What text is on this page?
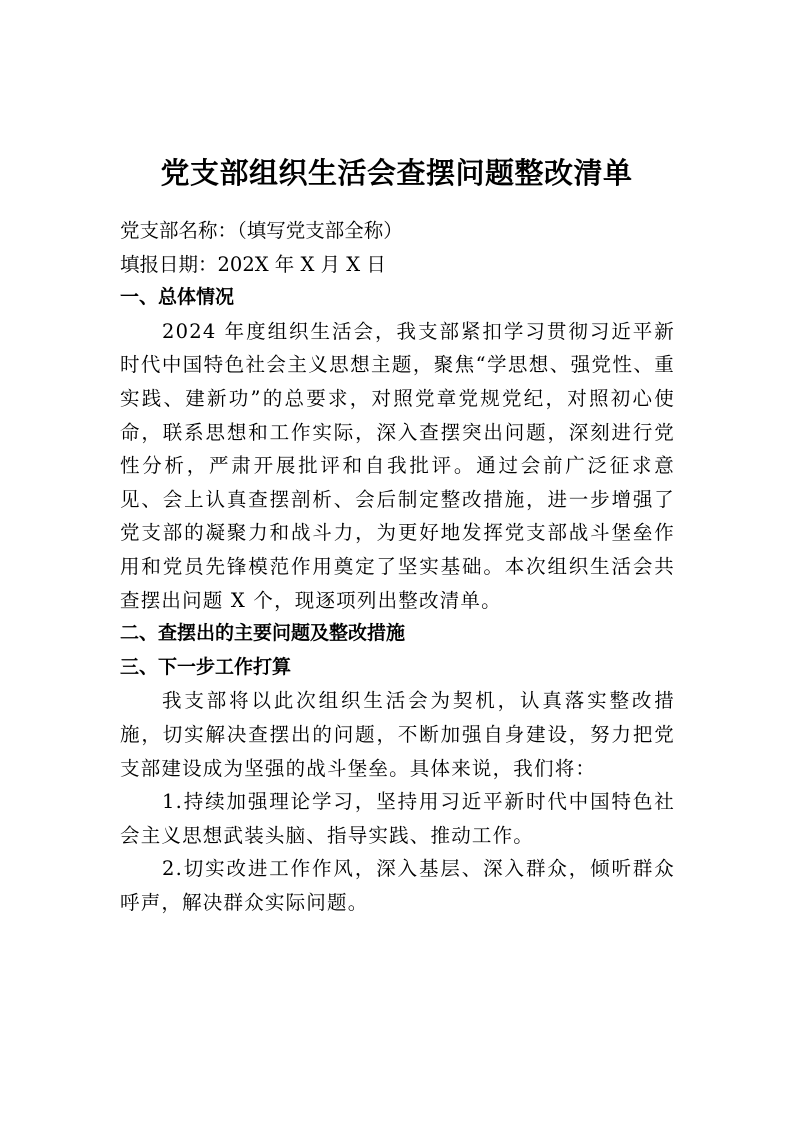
党支部组织生活会查摆问题整改清单

党支部名称：（填写党支部全称）

填报日期：202X 年 X 月 X 日

一、总体情况

2024 年度组织生活会，我支部紧扣学习贯彻习近平新时代中国特色社会主义思想主题，聚焦“学思想、强党性、重实践、建新功”的总要求，对照党章党规党纪，对照初心使命，联系思想和工作实际，深入查摆突出问题，深刻进行党性分析，严肃开展批评和自我批评。通过会前广泛征求意见、会上认真查摆剖析、会后制定整改措施，进一步增强了党支部的凝聚力和战斗力，为更好地发挥党支部战斗堡垒作用和党员先锋模范作用奠定了坚实基础。本次组织生活会共查摆出问题 X 个，现逐项列出整改清单。

二、查摆出的主要问题及整改措施
三、下一步工作打算

我支部将以此次组织生活会为契机，认真落实整改措施，切实解决查摆出的问题，不断加强自身建设，努力把党支部建设成为坚强的战斗堡垒。具体来说，我们将：

1.持续加强理论学习，坚持用习近平新时代中国特色社会主义思想武装头脑、指导实践、推动工作。

2.切实改进工作作风，深入基层、深入群众，倾听群众呼声，解决群众实际问题。
